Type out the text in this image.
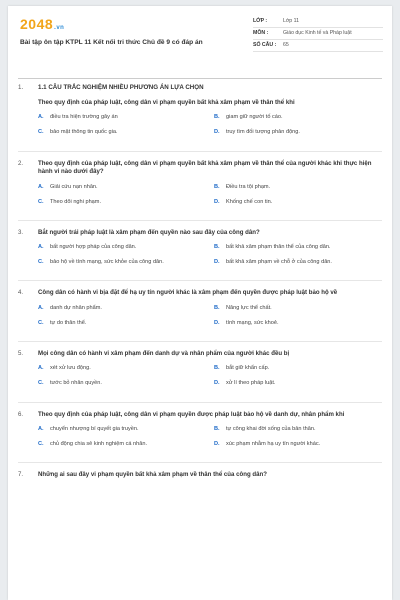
2048.vn
Bài tập ôn tập KTPL 11 Kết nối tri thức Chủ đề 9 có đáp án
LỚP :	Lớp 11
MÔN :	Giáo dục Kinh tế và Pháp luật
SỐ CÂU :	65
1.	1.1 CÂU TRẮC NGHIỆM NHIỀU PHƯƠNG ÁN LỰA CHỌN
Theo quy định của pháp luật, công dân vi phạm quyền bất khả xâm phạm về thân thể khi
A.	điều tra hiện trường gây án	B.	giam giữ người tố cáo.
C.	bảo mật thông tin quốc gia.	D.	truy tìm đối tượng phản động.
2.	Theo quy định của pháp luật, công dân vi phạm quyền bất khả xâm phạm về thân thể của người khác khi thực hiện hành vi nào dưới đây?
A.	Giải cứu nạn nhân.	B.	Điều tra tội phạm.
C.	Theo dõi nghi phạm.	D.	Khống chế con tin.
3.	Bắt người trái pháp luật là xâm phạm đến quyền nào sau đây của công dân?
A.	bất người hợp pháp của công dân.	B.	bất khả xâm phạm thân thể của công dân.
C.	bảo hộ về tính mạng, sức khỏe của công dân.	D.	bất khả xâm phạm về chỗ ở của công dân.
4.	Công dân có hành vi bịa đặt để hạ uy tín người khác là xâm phạm đến quyền được pháp luật bảo hộ về
A.	danh dự nhân phẩm.	B.	Năng lực thể chất.
C.	tự do thân thể.	D.	tính mạng, sức khoẻ.
5.	Mọi công dân có hành vi xâm phạm đến danh dự và nhân phẩm của người khác đều bị
A.	xét xử lưu động.	B.	bắt giữ khẩn cấp.
C.	tước bỏ nhân quyền.	D.	xử lí theo pháp luật.
6.	Theo quy định của pháp luật, công dân vi phạm quyền được pháp luật bảo hộ về danh dự, nhân phẩm khi
A.	chuyển nhượng bí quyết gia truyền.	B.	tự công khai đời sống của bản thân.
C.	chủ động chia sẻ kinh nghiệm cá nhân.	D.	xúc phạm nhằm hạ uy tín người khác.
7.	Những ai sau đây vi phạm quyền bất khả xâm phạm về thân thể của công dân?
